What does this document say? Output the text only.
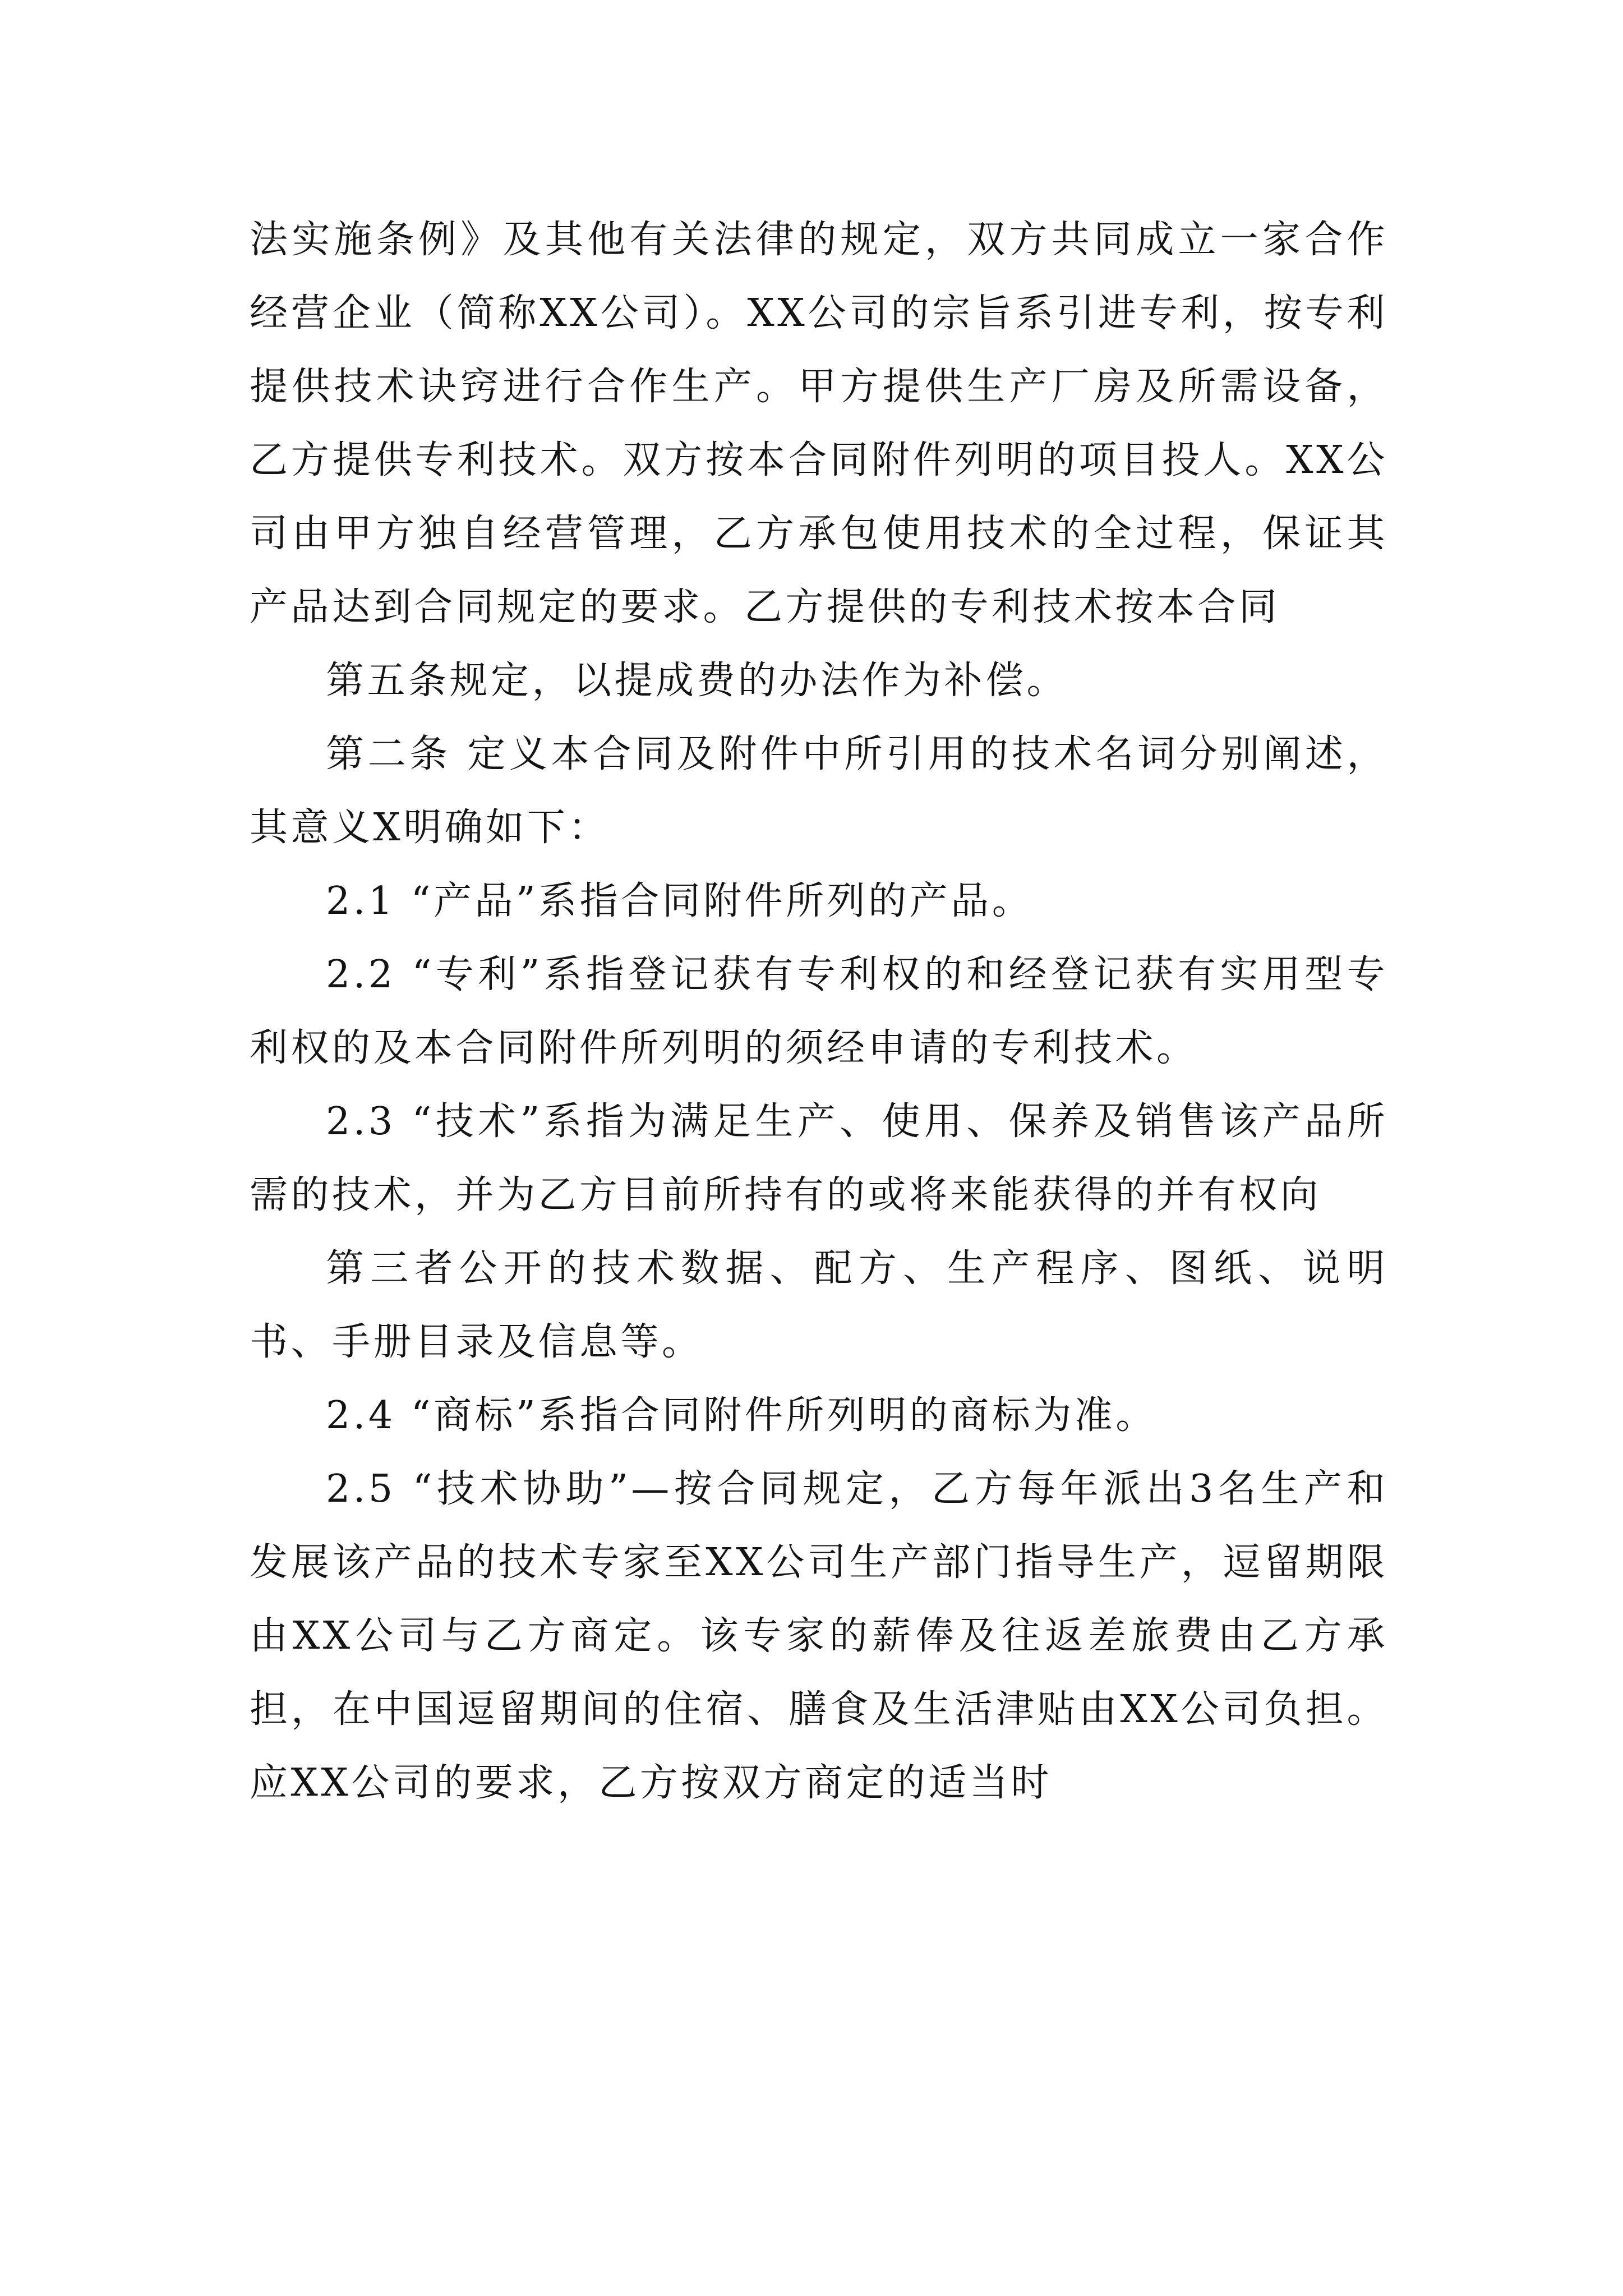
法实施条例》及其他有关法律的规定，双方共同成立一家合作经营企业（简称XX公司）。XX公司的宗旨系引进专利，按专利提供技术诀窍进行合作生产。甲方提供生产厂房及所需设备，乙方提供专利技术。双方按本合同附件列明的项目投人。XX公司由甲方独自经营管理，乙方承包使用技术的全过程，保证其产品达到合同规定的要求。乙方提供的专利技术按本合同

第五条规定，以提成费的办法作为补偿。

第二条 定义本合同及附件中所引用的技术名词分别阐述，其意义X明确如下：

2.1 “产品”系指合同附件所列的产品。

2.2 “专利”系指登记获有专利权的和经登记获有实用型专利权的及本合同附件所列明的须经申请的专利技术。

2.3 “技术”系指为满足生产、使用、保养及销售该产品所需的技术，并为乙方目前所持有的或将来能获得的并有权向

第三者公开的技术数据、配方、生产程序、图纸、说明书、手册目录及信息等。

2.4 “商标”系指合同附件所列明的商标为准。

2.5 “技术协助”—按合同规定，乙方每年派出3名生产和发展该产品的技术专家至XX公司生产部门指导生产，逗留期限由XX公司与乙方商定。该专家的薪俸及往返差旅费由乙方承担，在中国逗留期间的住宿、膳食及生活津贴由XX公司负担。应XX公司的要求，乙方按双方商定的适当时
